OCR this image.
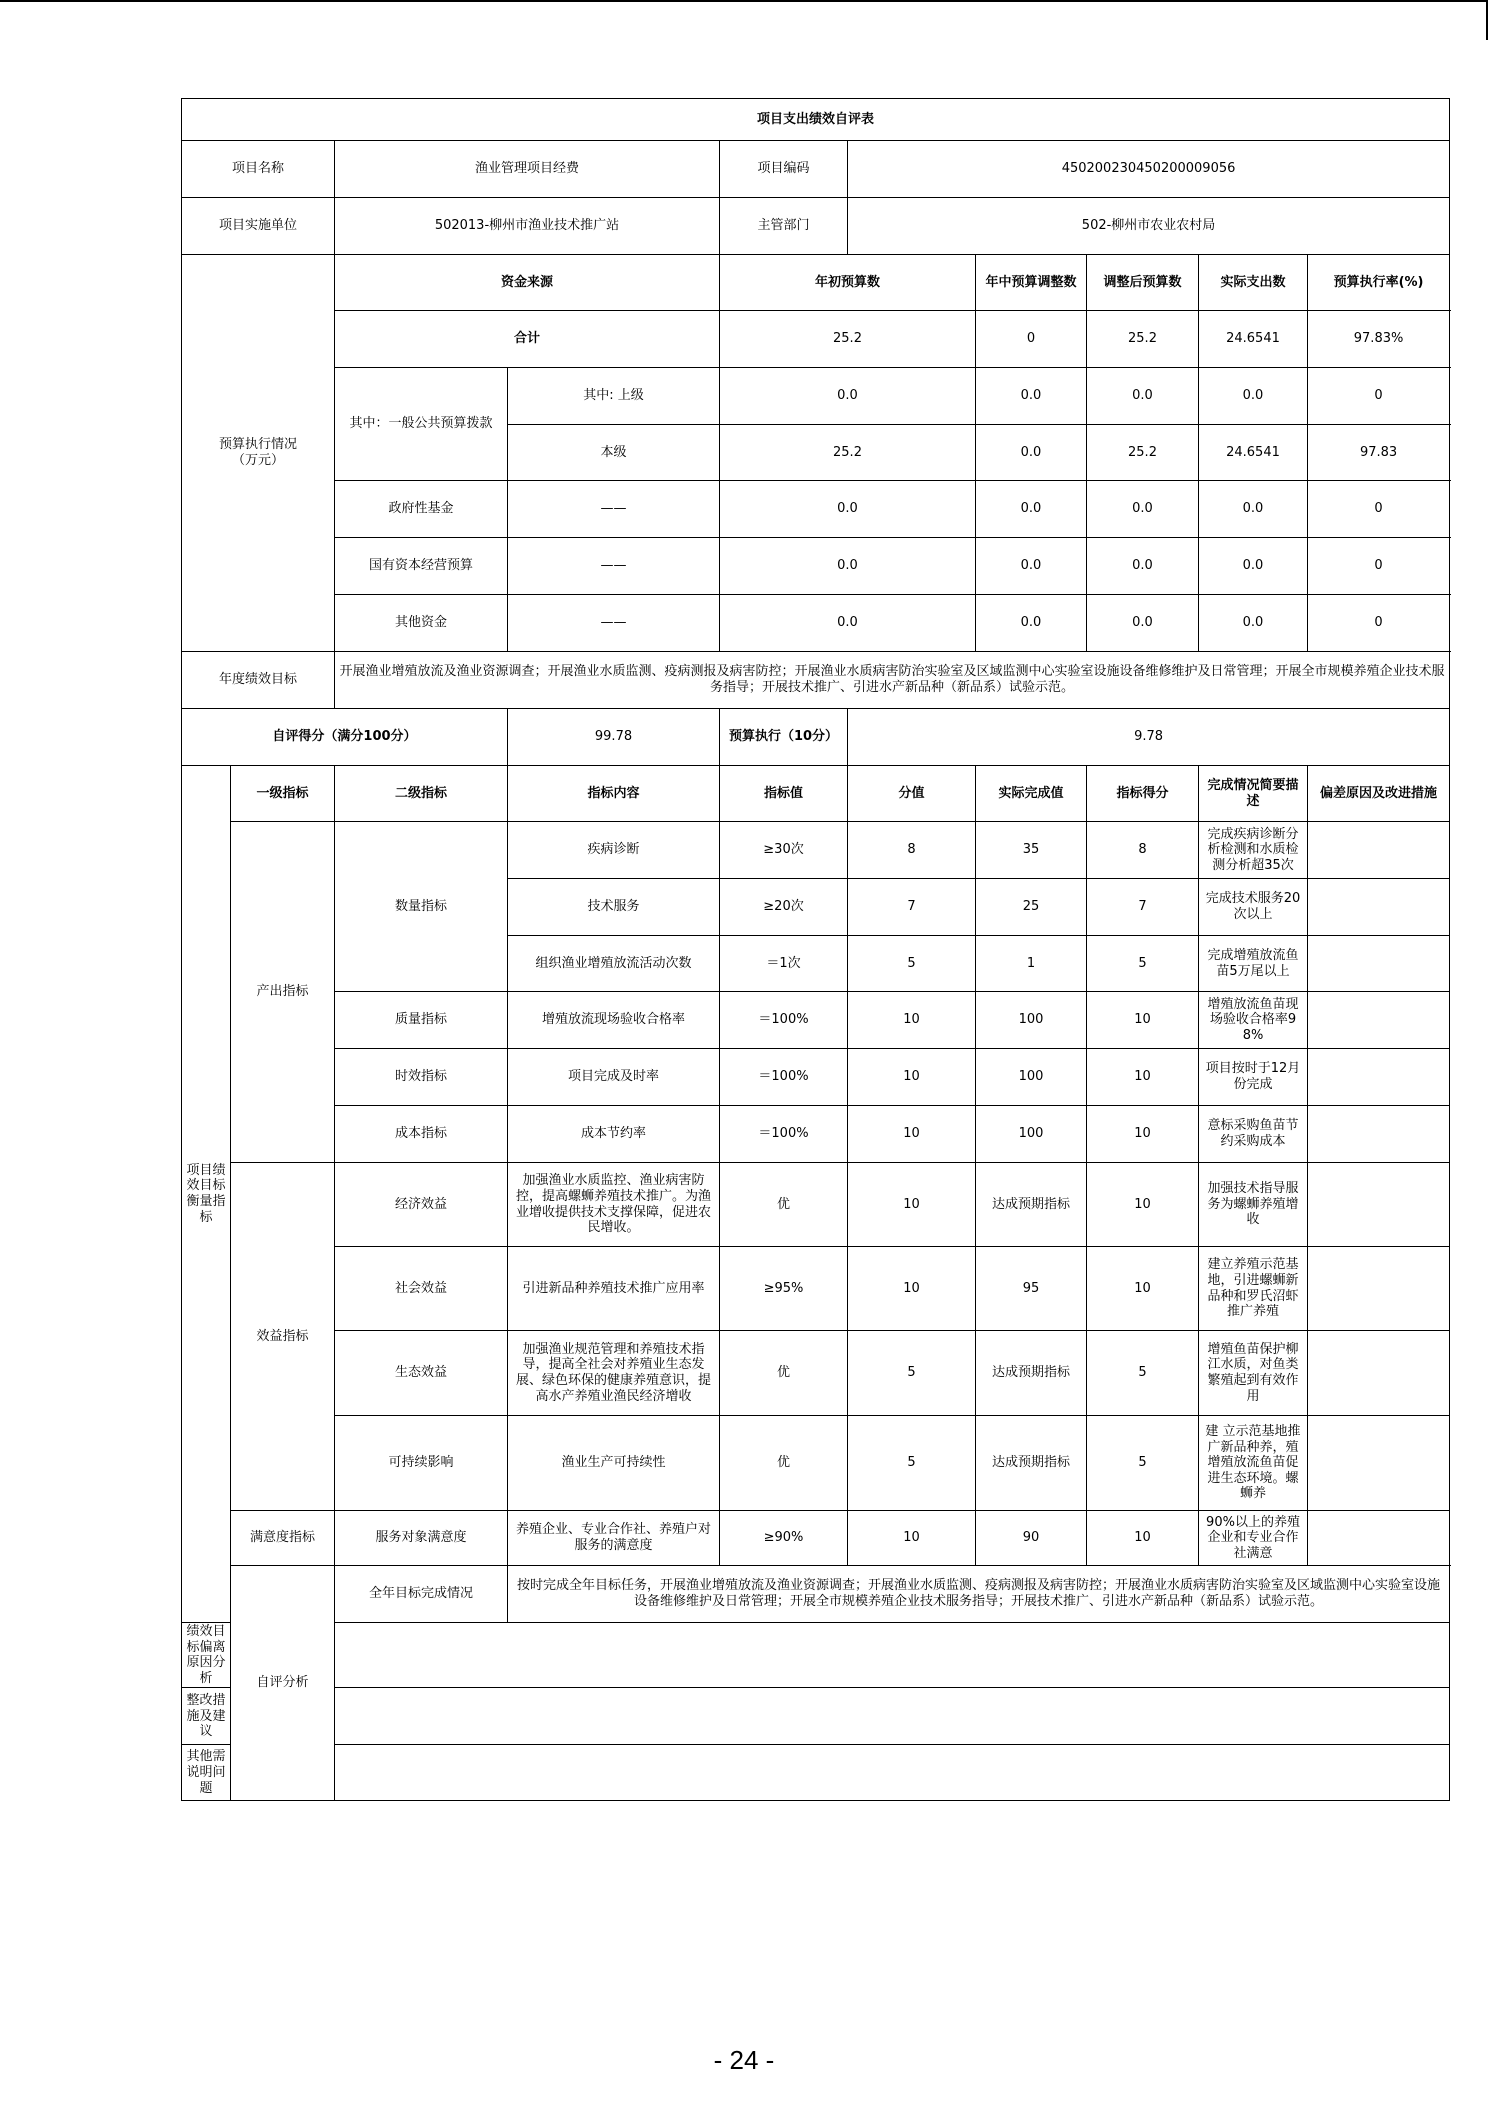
项目支出绩效自评表									
项目名称		渔业管理项目经费		项目编码	450200230450200009056				
项目实施单位		502013-柳州市渔业技术推广站		主管部门	502-柳州市农业农村局				
预算执行情况
（万元）		资金来源		年初预算数		年中预算调整数	调整后预算数	实际支出数	预算执行率(%)
		合计		25.2		0	25.2	24.6541	97.83%
		其中：一般公共预算拨款	其中: 上级	0.0		0.0	0.0	0.0	0
			本级	25.2		0.0	25.2	24.6541	97.83
		政府性基金	——	0.0		0.0	0.0	0.0	0
		国有资本经营预算	——	0.0		0.0	0.0	0.0	0
		其他资金	——	0.0		0.0	0.0	0.0	0

年度绩效目标		开展渔业增殖放流及渔业资源调查；开展渔业水质监测、疫病测报及病害防控；开展渔业水质病害防治实验室及区域监测中心实验室设施设备维修维护及日常管理；开展全市规模养殖企业技术服务指导；开展技术推广、引进水产新品种（新品系）试验示范。							
自评得分（满分100分）			99.78	预算执行（10分）	9.78				
项目绩效目标衡量指标	一级指标	二级指标	指标内容	指标值	分值	实际完成值	指标得分	完成情况简要描述	偏差原因及改进措施
	产出指标	数量指标	疾病诊断	≥30次	8	35	8	完成疾病诊断分析检测和水质检测分析超35次	
			技术服务	≥20次	7	25	7	完成技术服务20次以上	
			组织渔业增殖放流活动次数	＝1次	5	1	5	完成增殖放流鱼苗5万尾以上	
		质量指标	增殖放流现场验收合格率	＝100%	10	100	10	增殖放流鱼苗现场验收合格率98%	
		时效指标	项目完成及时率	＝100%	10	100	10	项目按时于12月份完成	
		成本指标	成本节约率	＝100%	10	100	10	意标采购鱼苗节约采购成本	
	效益指标	经济效益	加强渔业水质监控、渔业病害防控，提高螺蛳养殖技术推广。为渔业增收提供技术支撑保障，促进农民增收。	优	10	达成预期指标	10	加强技术指导服务为螺蛳养殖增收	
		社会效益	引进新品种养殖技术推广应用率	≥95%	10	95	10	建立养殖示范基地，引进螺蛳新品种和罗氏沼虾推广养殖	
		生态效益	加强渔业规范管理和养殖技术指导，提高全社会对养殖业生态发展、绿色环保的健康养殖意识，提高水产养殖业渔民经济增收	优	5	达成预期指标	5	增殖鱼苗保护柳江水质，对鱼类繁殖起到有效作用	
		可持续影响	渔业生产可持续性	优	5	达成预期指标	5	建 立示范基地推广新品种养，殖增殖放流鱼苗促进生态环境。螺蛳养	
	满意度指标	服务对象满意度	养殖企业、专业合作社、养殖户对服务的满意度	≥90%	10	90	10	90%以上的养殖企业和专业合作社满意	

	自评分析	全年目标完成情况	按时完成全年目标任务，开展渔业增殖放流及渔业资源调查；开展渔业水质监测、疫病测报及病害防控；开展渔业水质病害防治实验室及区域监测中心实验室设施设备维修维护及日常管理；开展全市规模养殖企业技术服务指导；开展技术推广、引进水产新品种（新品系）试验示范。						
绩效目标偏离原因分析									
整改措施及建议									
其他需说明问题									
- 24 -
